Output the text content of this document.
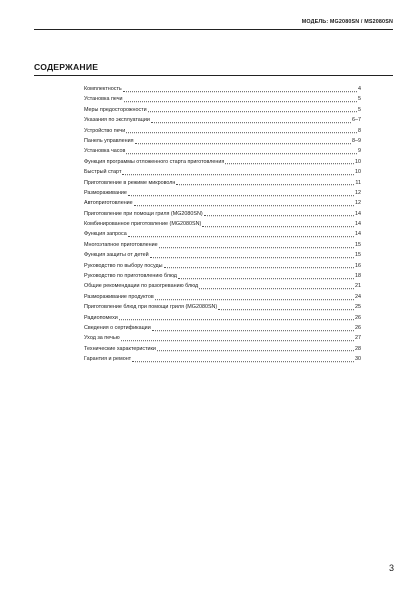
МОДЕЛЬ: MG2080SN / MS2080SN
СОДЕРЖАНИЕ
Комплектность	4
Установка печи	5
Меры предосторожности	5
Указания по эксплуатации	6–7
Устройство печи	8
Панель управления	8–9
Установка часов	9
Функция программы отложенного старта приготовления	10
Быстрый старт	10
Приготовление в режиме микроволн	11
Размораживание	12
Автоприготовление	12
Приготовление при помощи гриля (MG2080SN)	14
Комбинированное приготовление (MG2080SN)	14
Функция запроса	14
Многоэтапное приготовление	15
Функция защиты от детей	15
Руководство по выбору посуды	16
Руководство по приготовлению блюд	18
Общие рекомендации по разогреванию блюд	21
Размораживание продуктов	24
Приготовление блюд при помощи гриля (MG2080SN)	25
Радиопомехи	26
Сведения о сертификации	26
Уход за печью	27
Технические характеристики	28
Гарантия и ремонт	30
3
